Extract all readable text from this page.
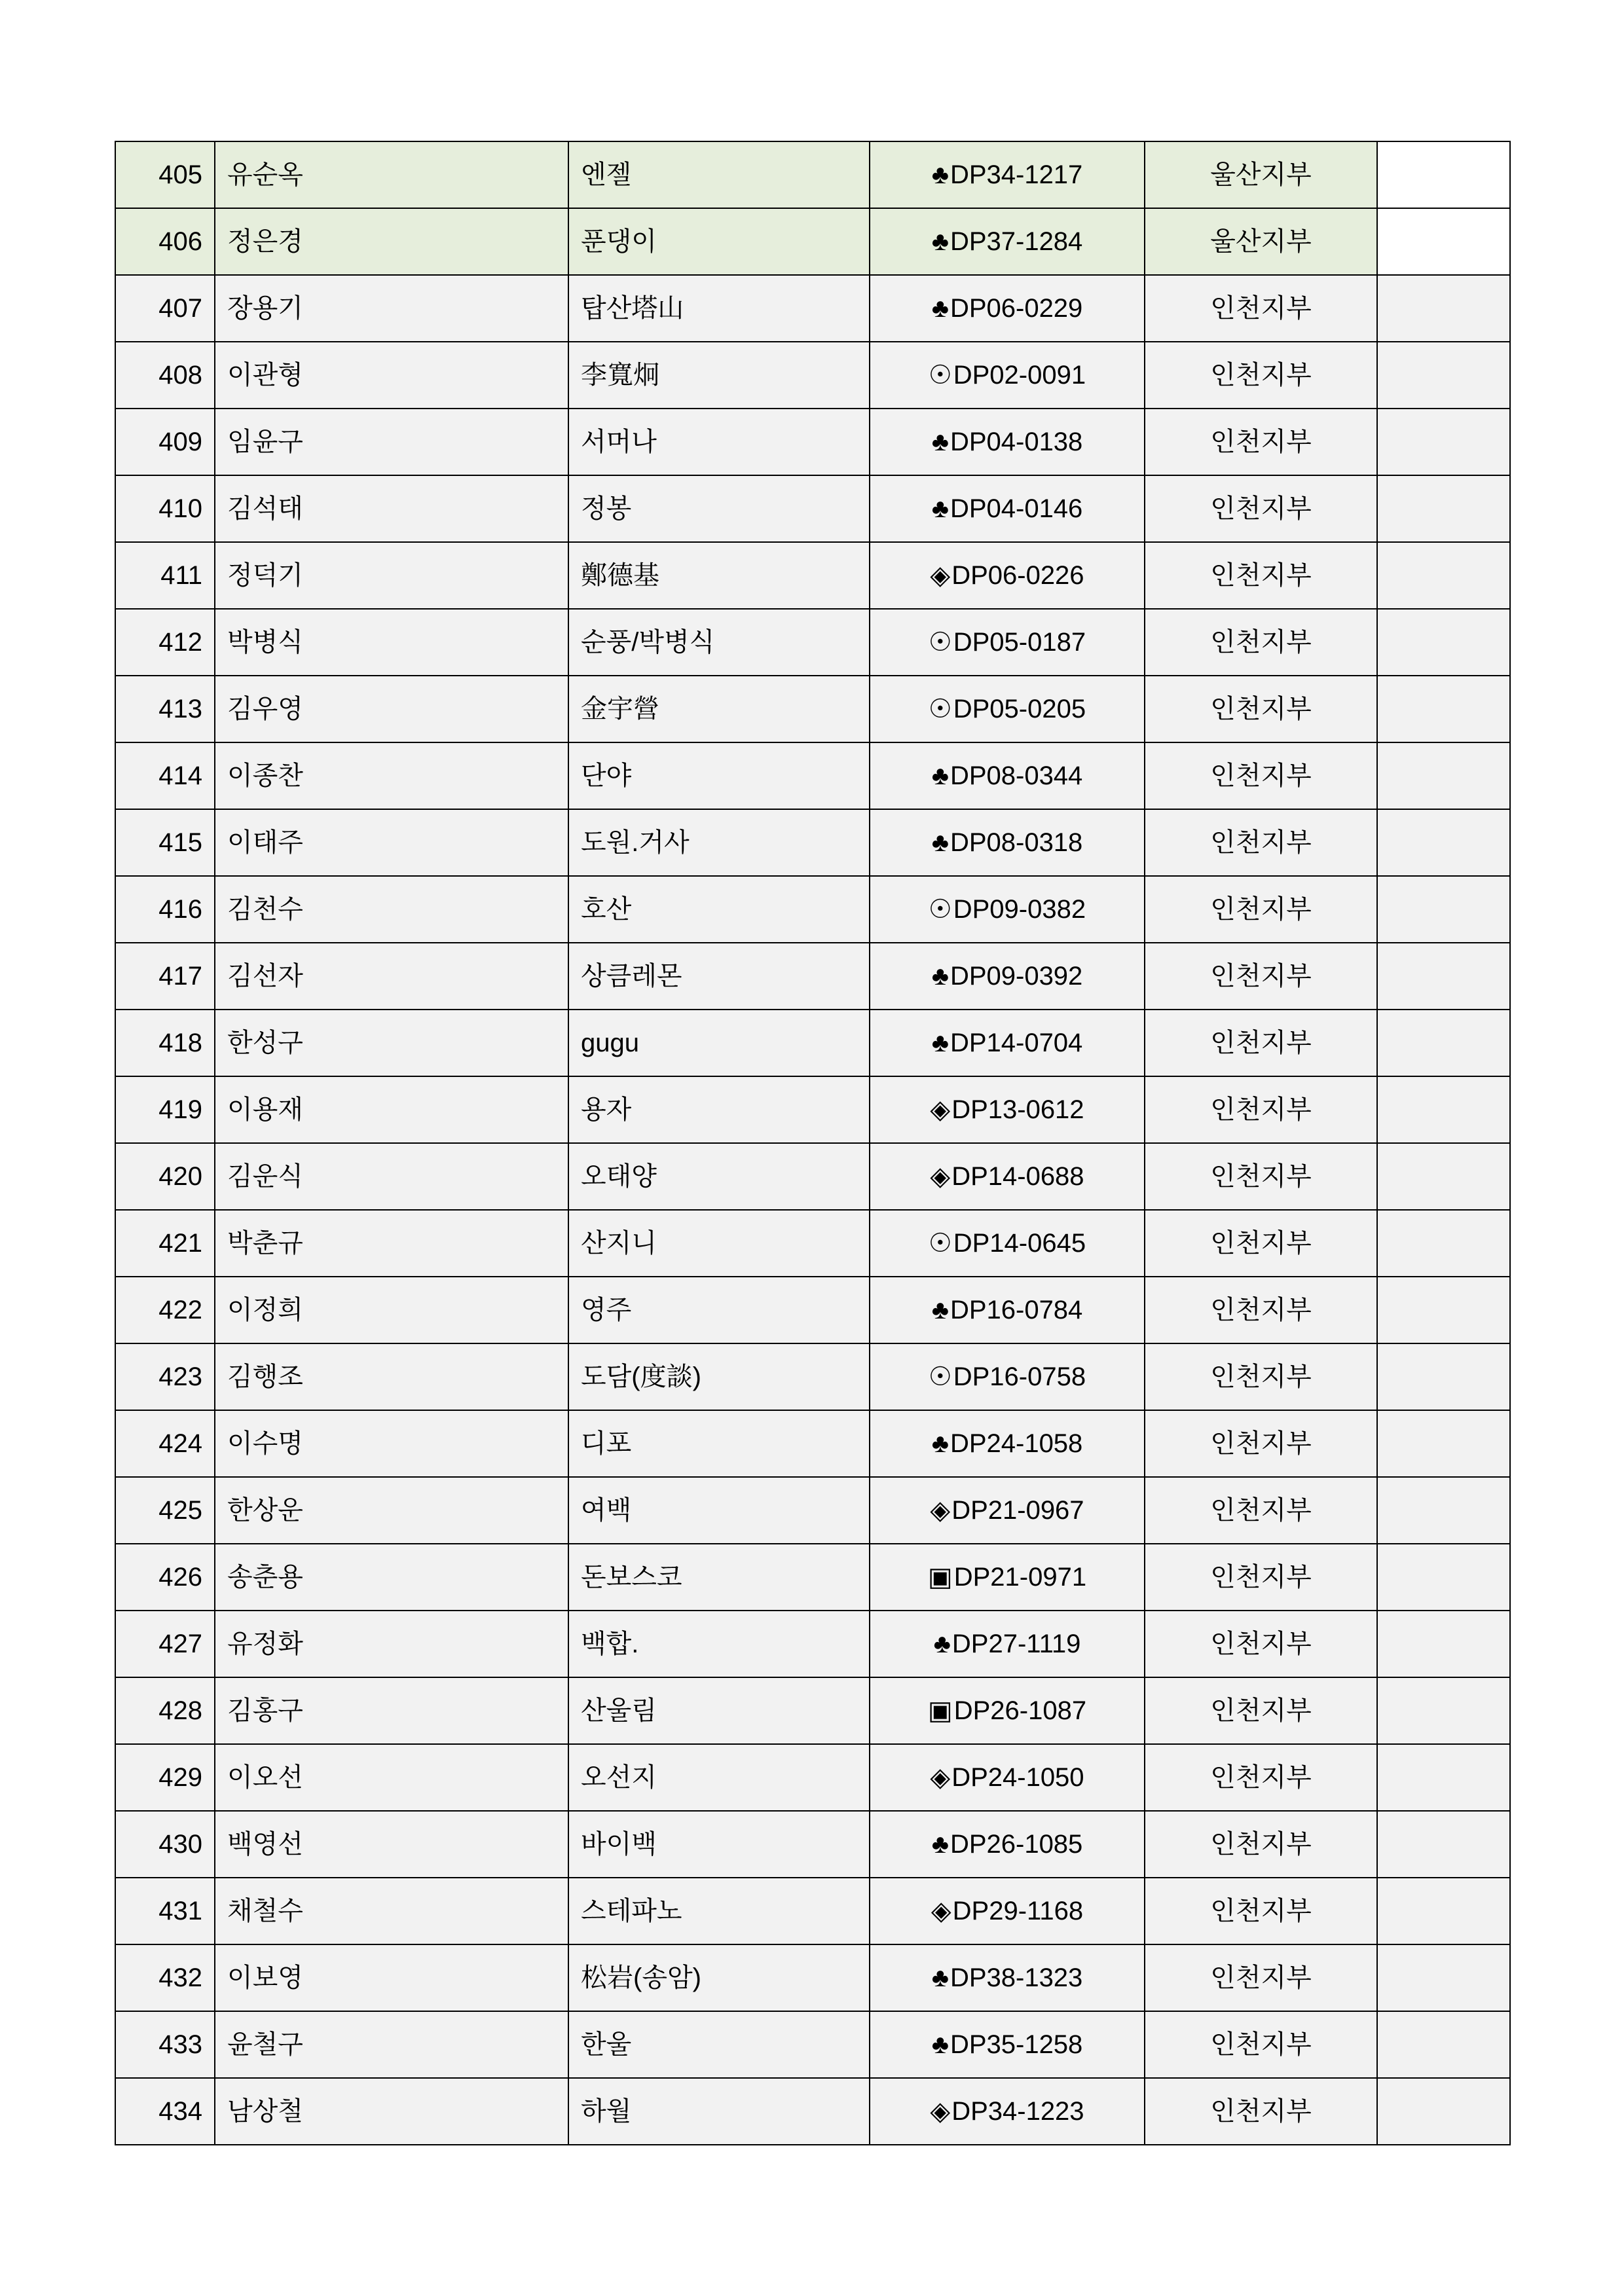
405	유순옥	엔젤	♣DP34-1217	울산지부	
406	정은경	푼댕이	♣DP37-1284	울산지부	
407	장용기	탑산塔山	♣DP06-0229	인천지부	
408	이관형	李寬炯	☉DP02-0091	인천지부	
409	임윤구	서머나	♣DP04-0138	인천지부	
410	김석태	정봉	♣DP04-0146	인천지부	
411	정덕기	鄭德基	◈DP06-0226	인천지부	
412	박병식	순풍/박병식	☉DP05-0187	인천지부	
413	김우영	金宇營	☉DP05-0205	인천지부	
414	이종찬	단야	♣DP08-0344	인천지부	
415	이태주	도원.거사	♣DP08-0318	인천지부	
416	김천수	호산	☉DP09-0382	인천지부	
417	김선자	상큼레몬	♣DP09-0392	인천지부	
418	한성구	gugu	♣DP14-0704	인천지부	
419	이용재	용자	◈DP13-0612	인천지부	
420	김운식	오태양	◈DP14-0688	인천지부	
421	박춘규	산지니	☉DP14-0645	인천지부	
422	이정희	영주	♣DP16-0784	인천지부	
423	김행조	도담(度談)	☉DP16-0758	인천지부	
424	이수명	디포	♣DP24-1058	인천지부	
425	한상운	여백	◈DP21-0967	인천지부	
426	송춘용	돈보스코	▣DP21-0971	인천지부	
427	유정화	백합.	♣DP27-1119	인천지부	
428	김홍구	산울림	▣DP26-1087	인천지부	
429	이오선	오선지	◈DP24-1050	인천지부	
430	백영선	바이백	♣DP26-1085	인천지부	
431	채철수	스테파노	◈DP29-1168	인천지부	
432	이보영	松岩(송암)	♣DP38-1323	인천지부	
433	윤철구	한울	♣DP35-1258	인천지부	
434	남상철	하월	◈DP34-1223	인천지부	
